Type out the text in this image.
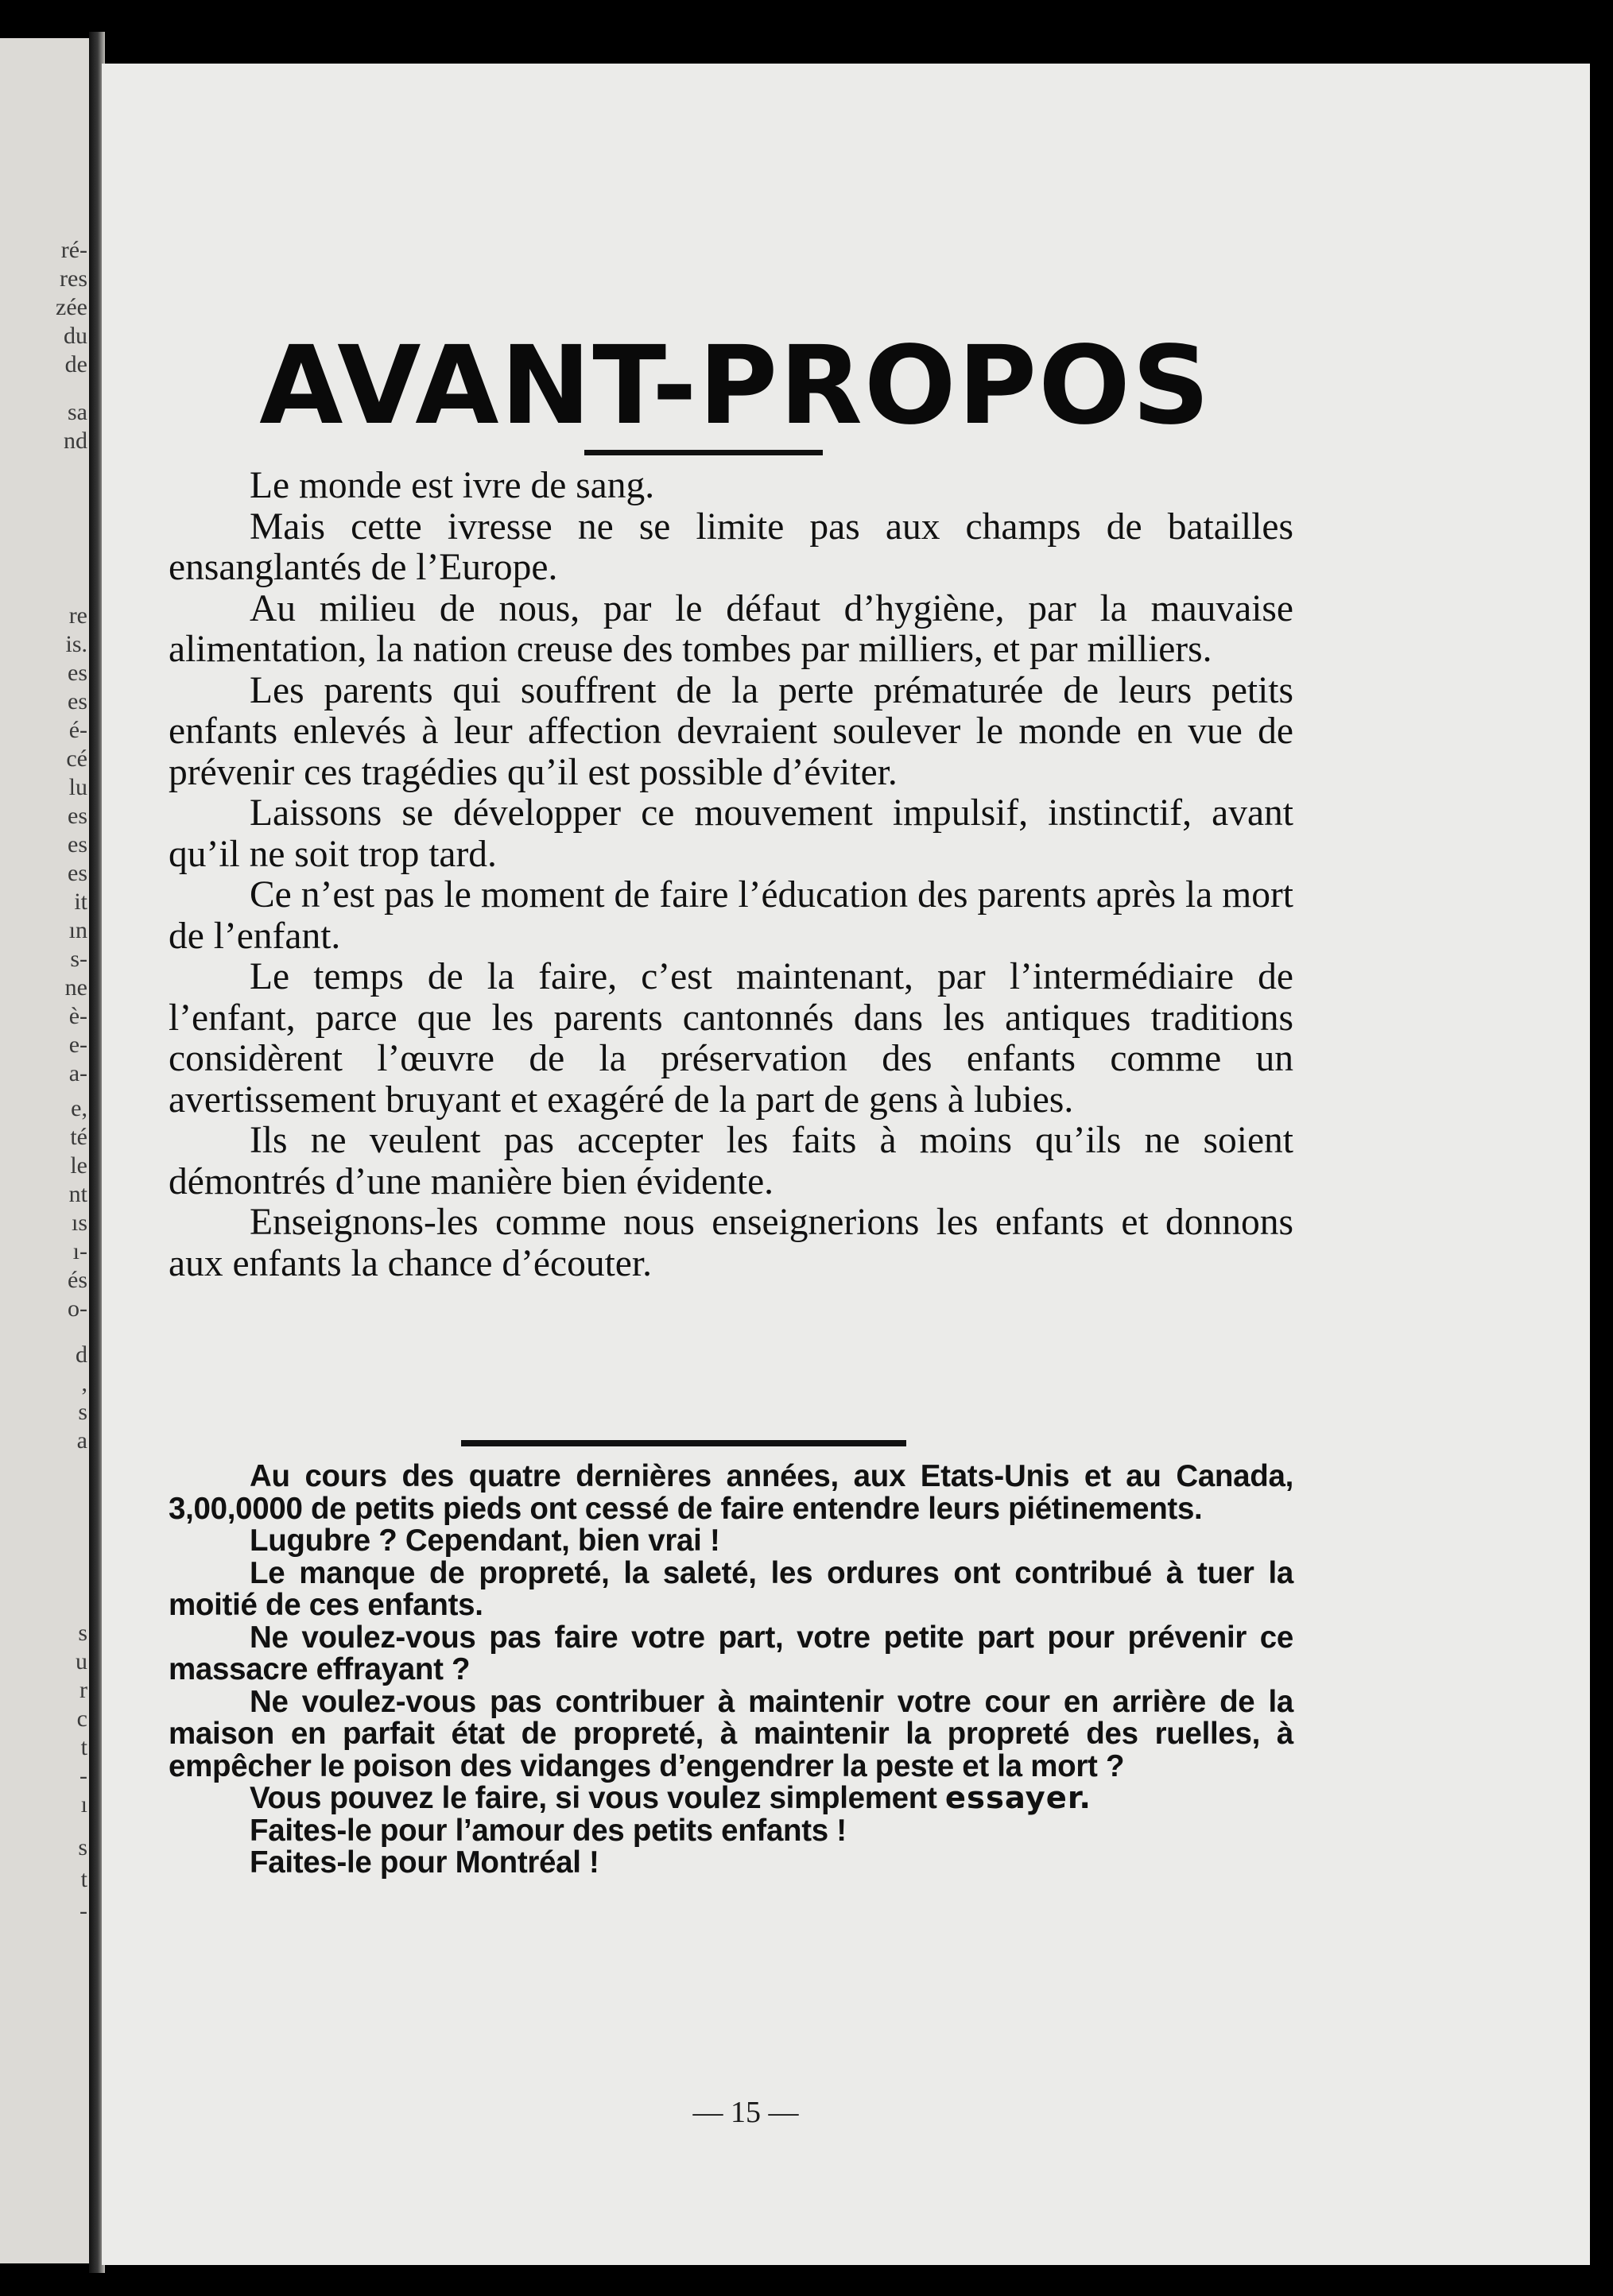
ré-
res
zée
du
de
sa
nd
re
is.
es
es
é-
cé
lu
es
es
es
it
ın
s-
ne
è-
e-
a-
e,
té
le
nt
ıs
ı-
és
o-
d
,
s
a
s
u
r
c
t
-
ı
s
t
-
AVANT-PROPOS

Le monde est ivre de sang.

Mais cette ivresse ne se limite pas aux champs de batailles ensanglantés de l’Europe.

Au milieu de nous, par le défaut d’hygiène, par la mauvaise alimentation, la nation creuse des tombes par milliers, et par milliers.

Les parents qui souffrent de la perte prématurée de leurs petits enfants enlevés à leur affection devraient soulever le monde en vue de prévenir ces tragédies qu’il est possible d’éviter.

Laissons se développer ce mouvement impulsif, instinctif, avant qu’il ne soit trop tard.

Ce n’est pas le moment de faire l’éducation des parents après la mort de l’enfant.

Le temps de la faire, c’est maintenant, par l’intermédiaire de l’enfant, parce que les parents cantonnés dans les antiques traditions considèrent l’œuvre de la préservation des enfants comme un avertissement bruyant et exagéré de la part de gens à lubies.

Ils ne veulent pas accepter les faits à moins qu’ils ne soient démontrés d’une manière bien évidente.

Enseignons-les comme nous enseignerions les enfants et donnons aux enfants la chance d’écouter.

Au cours des quatre dernières années, aux Etats-Unis et au Canada, 3,00,0000 de petits pieds ont cessé de faire entendre leurs piétinements.

Lugubre ? Cependant, bien vrai !

Le manque de propreté, la saleté, les ordures ont contribué à tuer la moitié de ces enfants.

Ne voulez-vous pas faire votre part, votre petite part pour prévenir ce massacre effrayant ?

Ne voulez-vous pas contribuer à maintenir votre cour en arrière de la maison en parfait état de propreté, à maintenir la propreté des ruelles, à empêcher le poison des vidanges d’engendrer la peste et la mort ?

Vous pouvez le faire, si vous voulez simplement essayer.

Faites-le pour l’amour des petits enfants !

Faites-le pour Montréal !

— 15 —
